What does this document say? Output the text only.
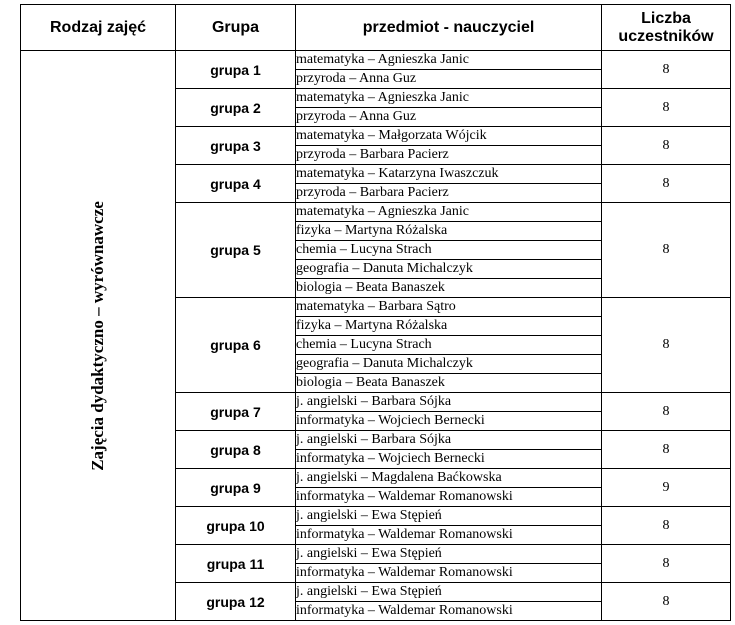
Rodzaj zajęć	Grupa	przedmiot - nauczyciel	Liczba
uczestników

Zajęcia dydaktyczno – wyrównawcze	grupa 1	matematyka – Agnieszka Janic	8
		przyroda – Anna Guz	
	grupa 2	matematyka – Agnieszka Janic	8
		przyroda – Anna Guz	
	grupa 3	matematyka – Małgorzata Wójcik	8
		przyroda – Barbara Pacierz	
	grupa 4	matematyka – Katarzyna Iwaszczuk	8
		przyroda – Barbara Pacierz	
	grupa 5	matematyka – Agnieszka Janic	8
		fizyka – Martyna Różalska	
		chemia – Lucyna Strach	
		geografia – Danuta Michalczyk	
		biologia – Beata Banaszek	
	grupa 6	matematyka – Barbara Sątro	8
		fizyka – Martyna Różalska	
		chemia – Lucyna Strach	
		geografia – Danuta Michalczyk	
		biologia – Beata Banaszek	
	grupa 7	j. angielski – Barbara Sójka	8
		informatyka – Wojciech Bernecki	
	grupa 8	j. angielski – Barbara Sójka	8
		informatyka – Wojciech Bernecki	
	grupa 9	j. angielski – Magdalena Baćkowska	9
		informatyka – Waldemar Romanowski	
	grupa 10	j. angielski – Ewa Stępień	8
		informatyka – Waldemar Romanowski	
	grupa 11	j. angielski – Ewa Stępień	8
		informatyka – Waldemar Romanowski	
	grupa 12	j. angielski – Ewa Stępień	8
		informatyka – Waldemar Romanowski	
